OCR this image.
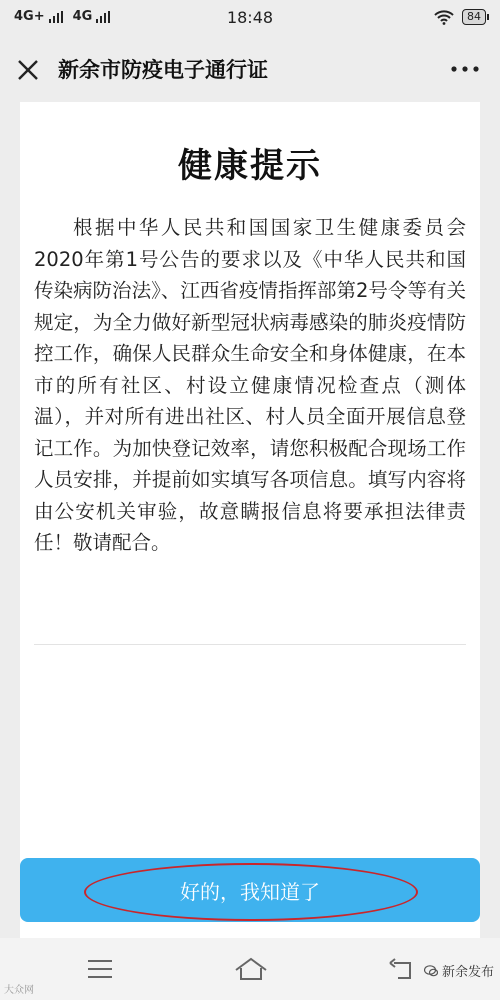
4G+ 4G	18:48	84
新余市防疫电子通行证
健康提示

根据中华人民共和国国家卫生健康委员会2020年第1号公告的要求以及《中华人民共和国传染病防治法》、江西省疫情指挥部第2号令等有关规定，为全力做好新型冠状病毒感染的肺炎疫情防控工作，确保人民群众生命安全和身体健康，在本市的所有社区、村设立健康情况检查点（测体温），并对所有进出社区、村人员全面开展信息登记工作。为加快登记效率，请您积极配合现场工作人员安排，并提前如实填写各项信息。填写内容将由公安机关审验，故意瞒报信息将要承担法律责任！敬请配合。

好的，我知道了
大众网
新余发布
